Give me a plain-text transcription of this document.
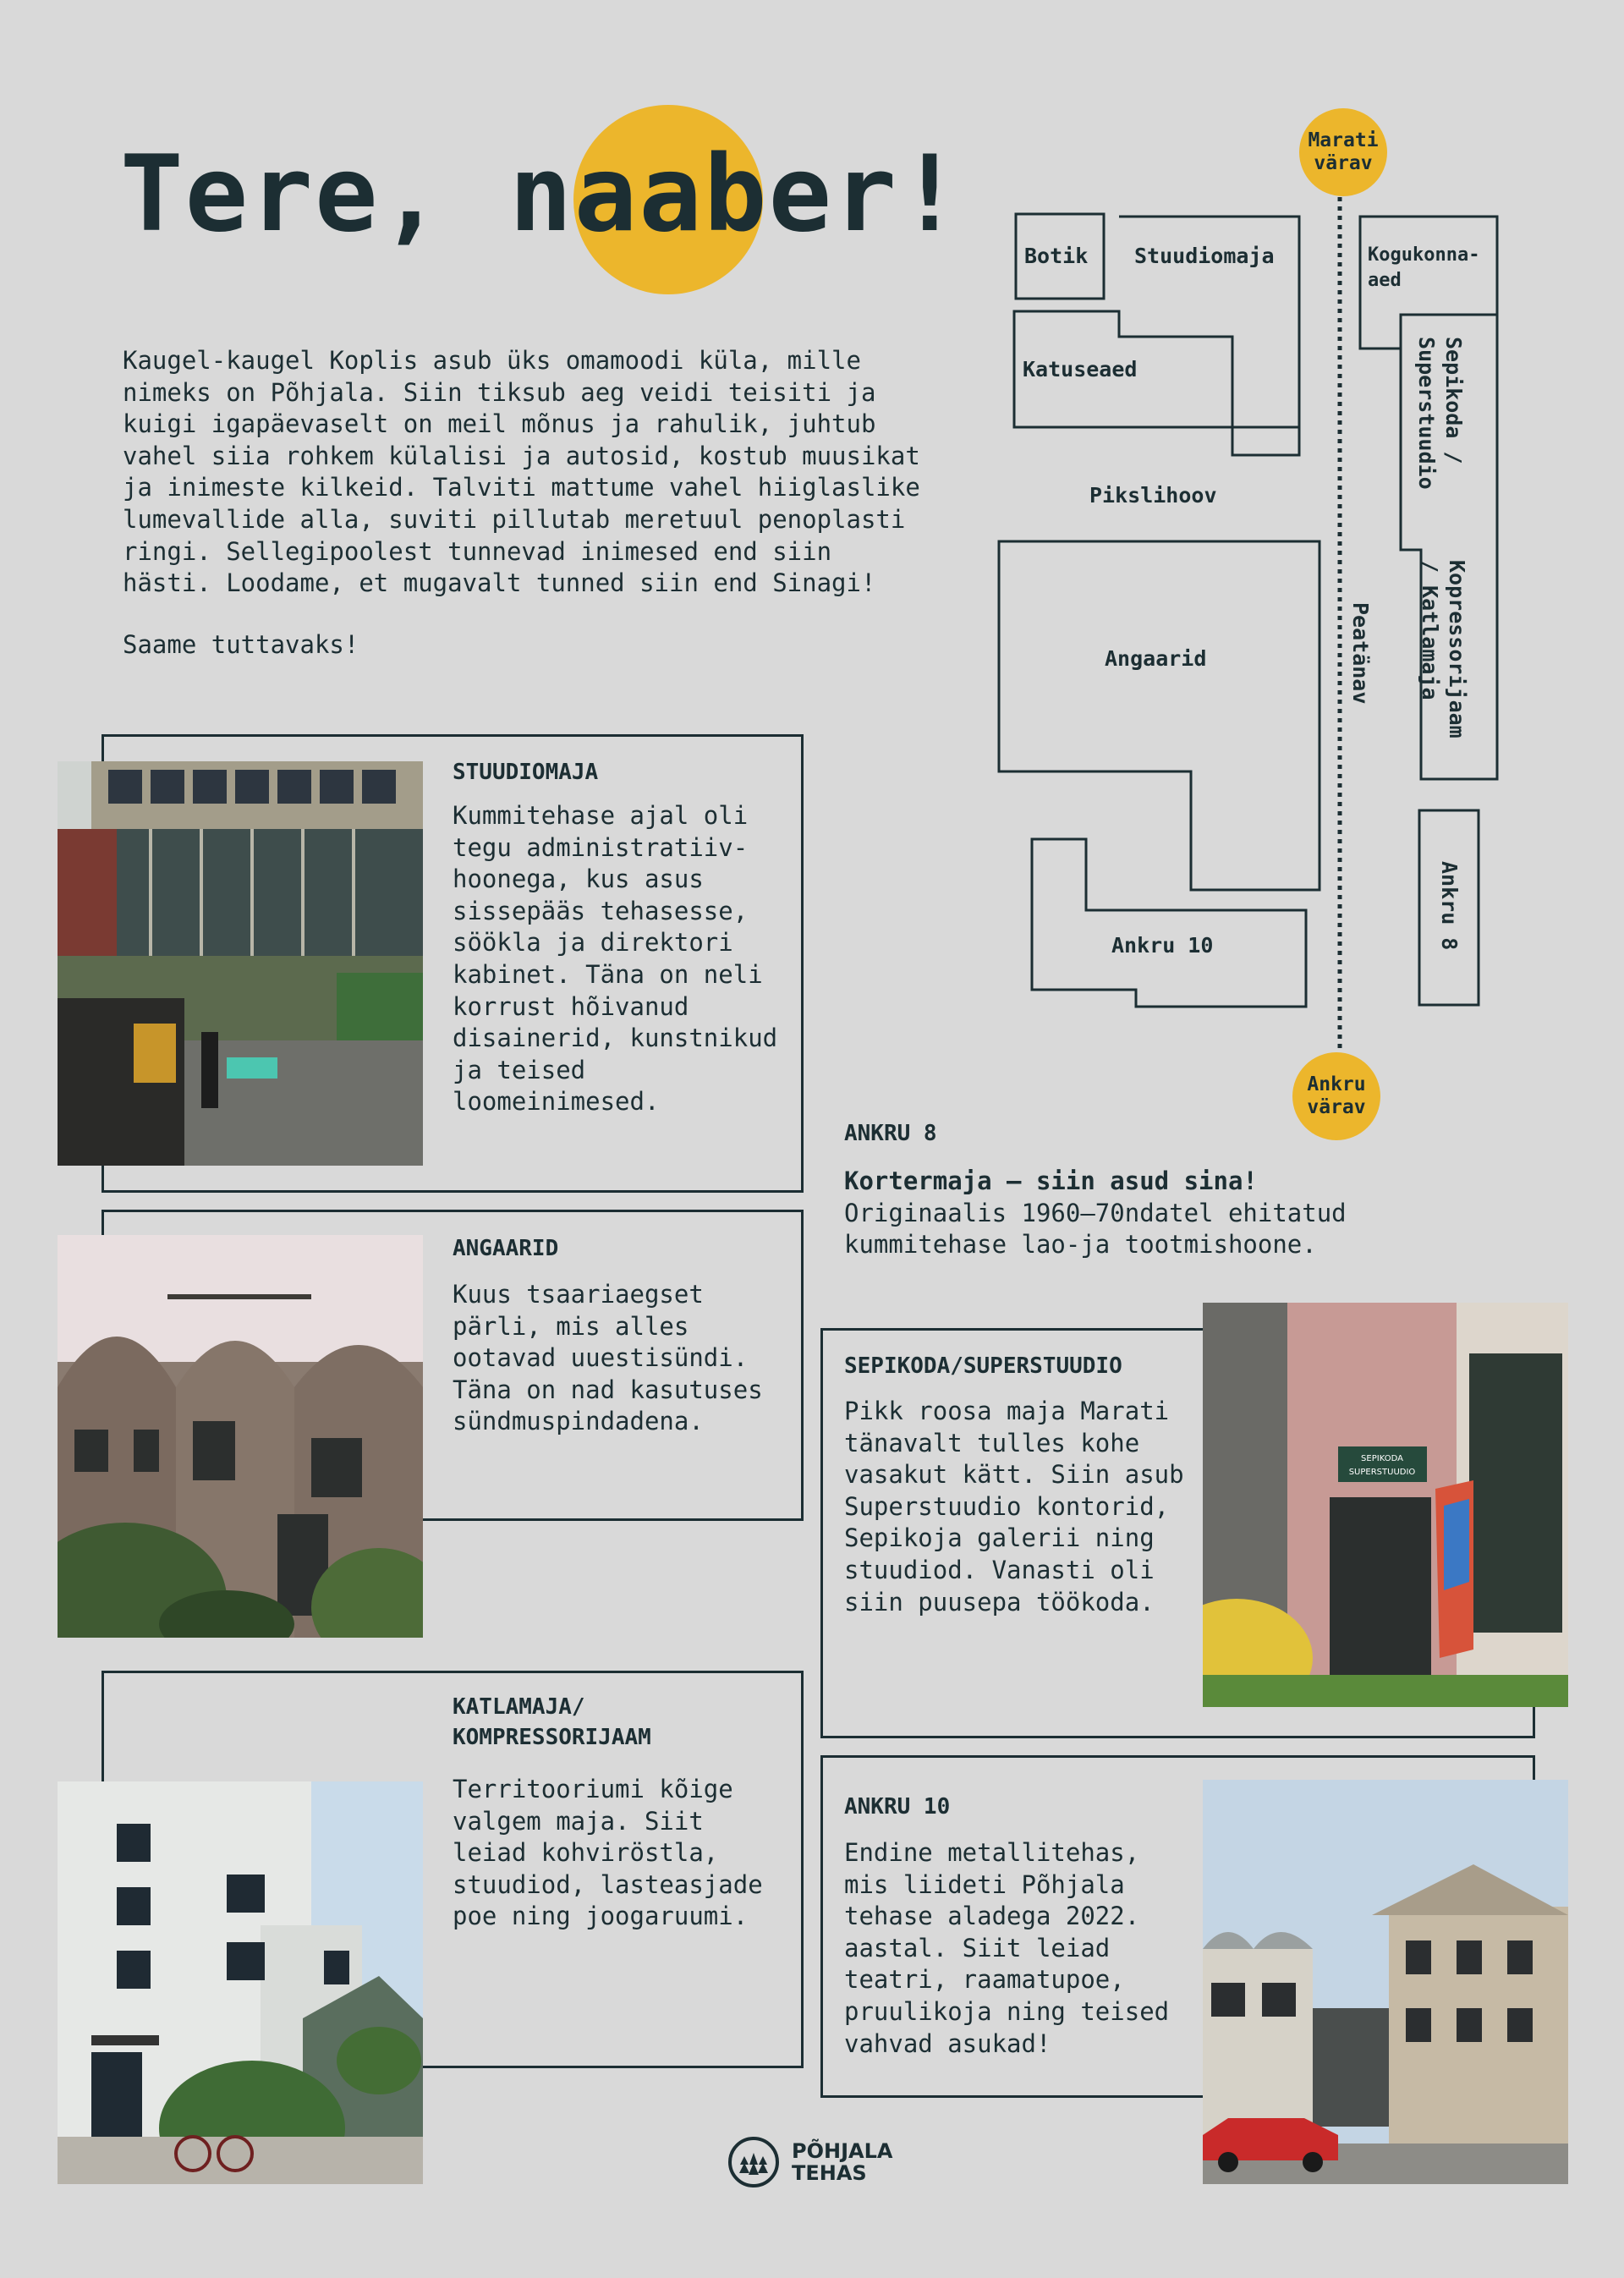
Tere, naaber!

Kaugel-kaugel Koplis asub üks omamoodi küla, mille nimeks on Põhjala. Siin tiksub aeg veidi teisiti ja kuigi igapäevaselt on meil mõnus ja rahulik, juhtub vahel siia rohkem külalisi ja autosid, kostub muusikat ja inimeste kilkeid. Talviti mattume vahel hiiglaslike lumevallide alla, suviti pillutab meretuul penoplasti ringi. Sellegipoolest tunnevad inimesed end siin hästi. Loodame, et mugavalt tunned siin end Sinagi!

Saame tuttavaks!

Marati
värav
Ankru
värav
Botik Stuudiomaja	Kogukonna-
aed
Katuseaed	Sepikoda /
Superstuudio
Pikslihoov
Kopressorijaam
/ Katlamaja
Peatänav
Angaarid
Ankru 8
Ankru 10
STUUDIOMAJA

Kummitehase ajal oli tegu administratiiv-hoonega, kus asus sissepääs tehasesse, söökla ja direktori kabinet. Täna on neli korrust hõivanud disainerid, kunstnikud ja teised loomeinimesed.

ANGAARID

Kuus tsaariaegset pärli, mis alles ootavad uuestisündi. Täna on nad kasutuses sündmuspindadena.

KATLAMAJA/
KOMPRESSORIJAAM

Territooriumi kõige valgem maja. Siit leiad kohviröstla, stuudiod, lasteasjade poe ning joogaruumi.

ANKRU 8

Kortermaja – siin asud sina!
Originaalis 1960–70ndatel ehitatud kummitehase lao-ja tootmishoone.

SEPIKODA
SUPERSTUUDIO
SEPIKODA/SUPERSTUUDIO

Pikk roosa maja Marati tänavalt tulles kohe vasakut kätt. Siin asub Superstuudio kontorid, Sepikoja galerii ning stuudiod. Vanasti oli siin puusepa töökoda.

ANKRU 10

Endine metallitehas, mis liideti Põhjala tehase aladega 2022. aastal. Siit leiad teatri, raamatupoe, pruulikoja ning teised vahvad asukad!

PÕHJALA
TEHAS
